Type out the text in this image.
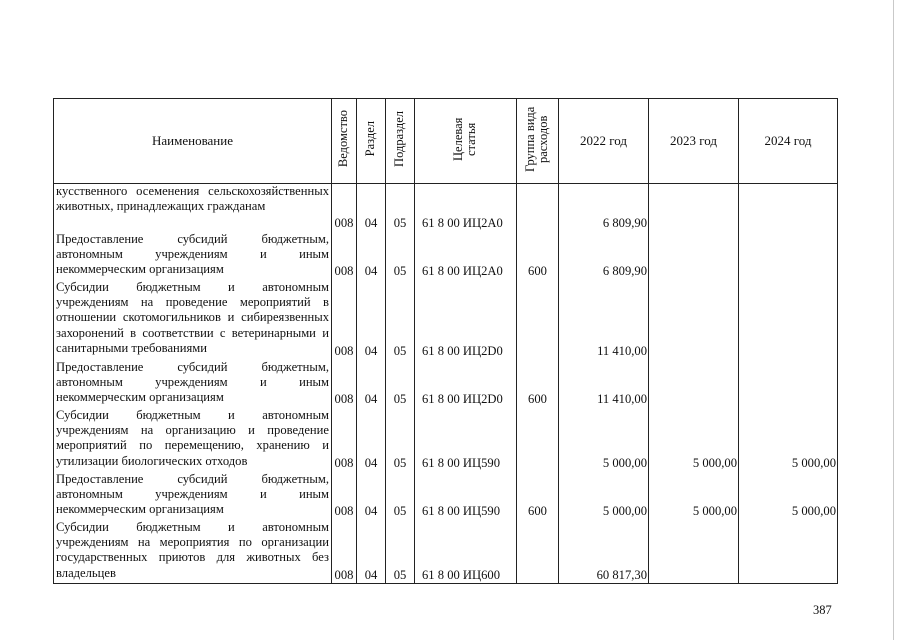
Наименование	Ведомство	Раздел	Подраздел	Целевая статья	Группа вида расходов	2022 год	2023 год	2024 год
кусственного осеменения сельскохозяйственных животных, принадлежащих гражданам	008	04	05	61 8 00 ИЦ2А0		6 809,90		
Предоставление субсидий бюджетным, автономным учреждениям и иным некоммерческим организациям	008	04	05	61 8 00 ИЦ2А0	600	6 809,90		
Субсидии бюджетным и автономным учреждениям на проведение мероприятий в отношении скотомогильников и сибиреязвенных захоронений в соответствии с ветеринарными и санитарными требованиями	008	04	05	61 8 00 ИЦ2D0		11 410,00		
Предоставление субсидий бюджетным, автономным учреждениям и иным некоммерческим организациям	008	04	05	61 8 00 ИЦ2D0	600	11 410,00		
Субсидии бюджетным и автономным учреждениям на организацию и проведение мероприятий по перемещению, хранению и утилизации биологических отходов	008	04	05	61 8 00 ИЦ590		5 000,00	5 000,00	5 000,00
Предоставление субсидий бюджетным, автономным учреждениям и иным некоммерческим организациям	008	04	05	61 8 00 ИЦ590	600	5 000,00	5 000,00	5 000,00
Субсидии бюджетным и автономным учреждениям на мероприятия по организации государственных приютов для животных без владельцев	008	04	05	61 8 00 ИЦ600		60 817,30		
387
